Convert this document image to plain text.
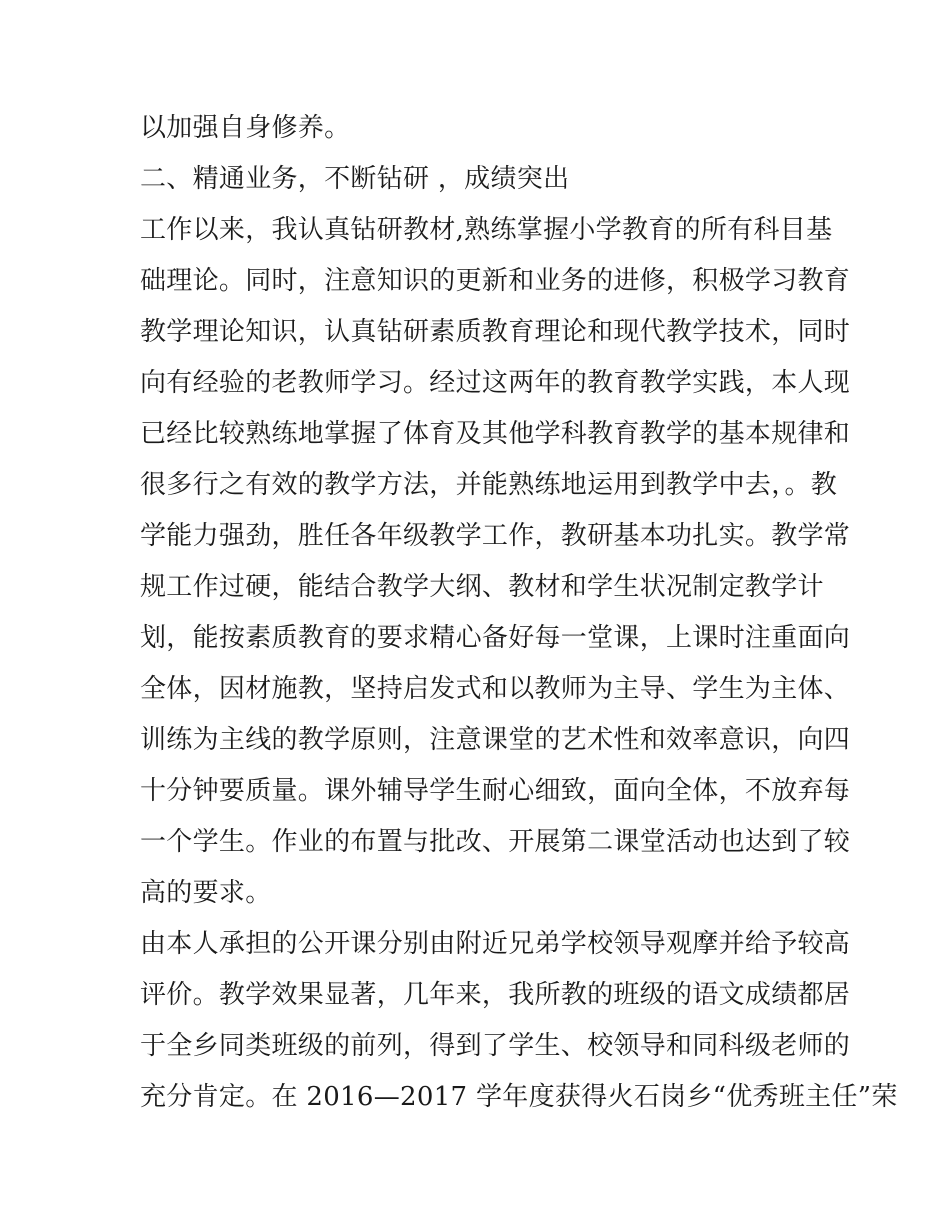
以加强自身修养。
二、精通业务，不断钻研 ，成绩突出
工作以来，我认真钻研教材,熟练掌握小学教育的所有科目基
础理论。同时，注意知识的更新和业务的进修，积极学习教育
教学理论知识，认真钻研素质教育理论和现代教学技术，同时
向有经验的老教师学习。经过这两年的教育教学实践，本人现
已经比较熟练地掌握了体育及其他学科教育教学的基本规律和
很多行之有效的教学方法，并能熟练地运用到教学中去，。教
学能力强劲，胜任各年级教学工作，教研基本功扎实。教学常
规工作过硬，能结合教学大纲、教材和学生状况制定教学计
划，能按素质教育的要求精心备好每一堂课，上课时注重面向
全体，因材施教，坚持启发式和以教师为主导、学生为主体、
训练为主线的教学原则，注意课堂的艺术性和效率意识，向四
十分钟要质量。课外辅导学生耐心细致，面向全体，不放弃每
一个学生。作业的布置与批改、开展第二课堂活动也达到了较
高的要求。
由本人承担的公开课分别由附近兄弟学校领导观摩并给予较高
评价。教学效果显著，几年来，我所教的班级的语文成绩都居
于全乡同类班级的前列，得到了学生、校领导和同科级老师的
充分肯定。在 2016—2017 学年度获得火石岗乡“优秀班主任”荣
